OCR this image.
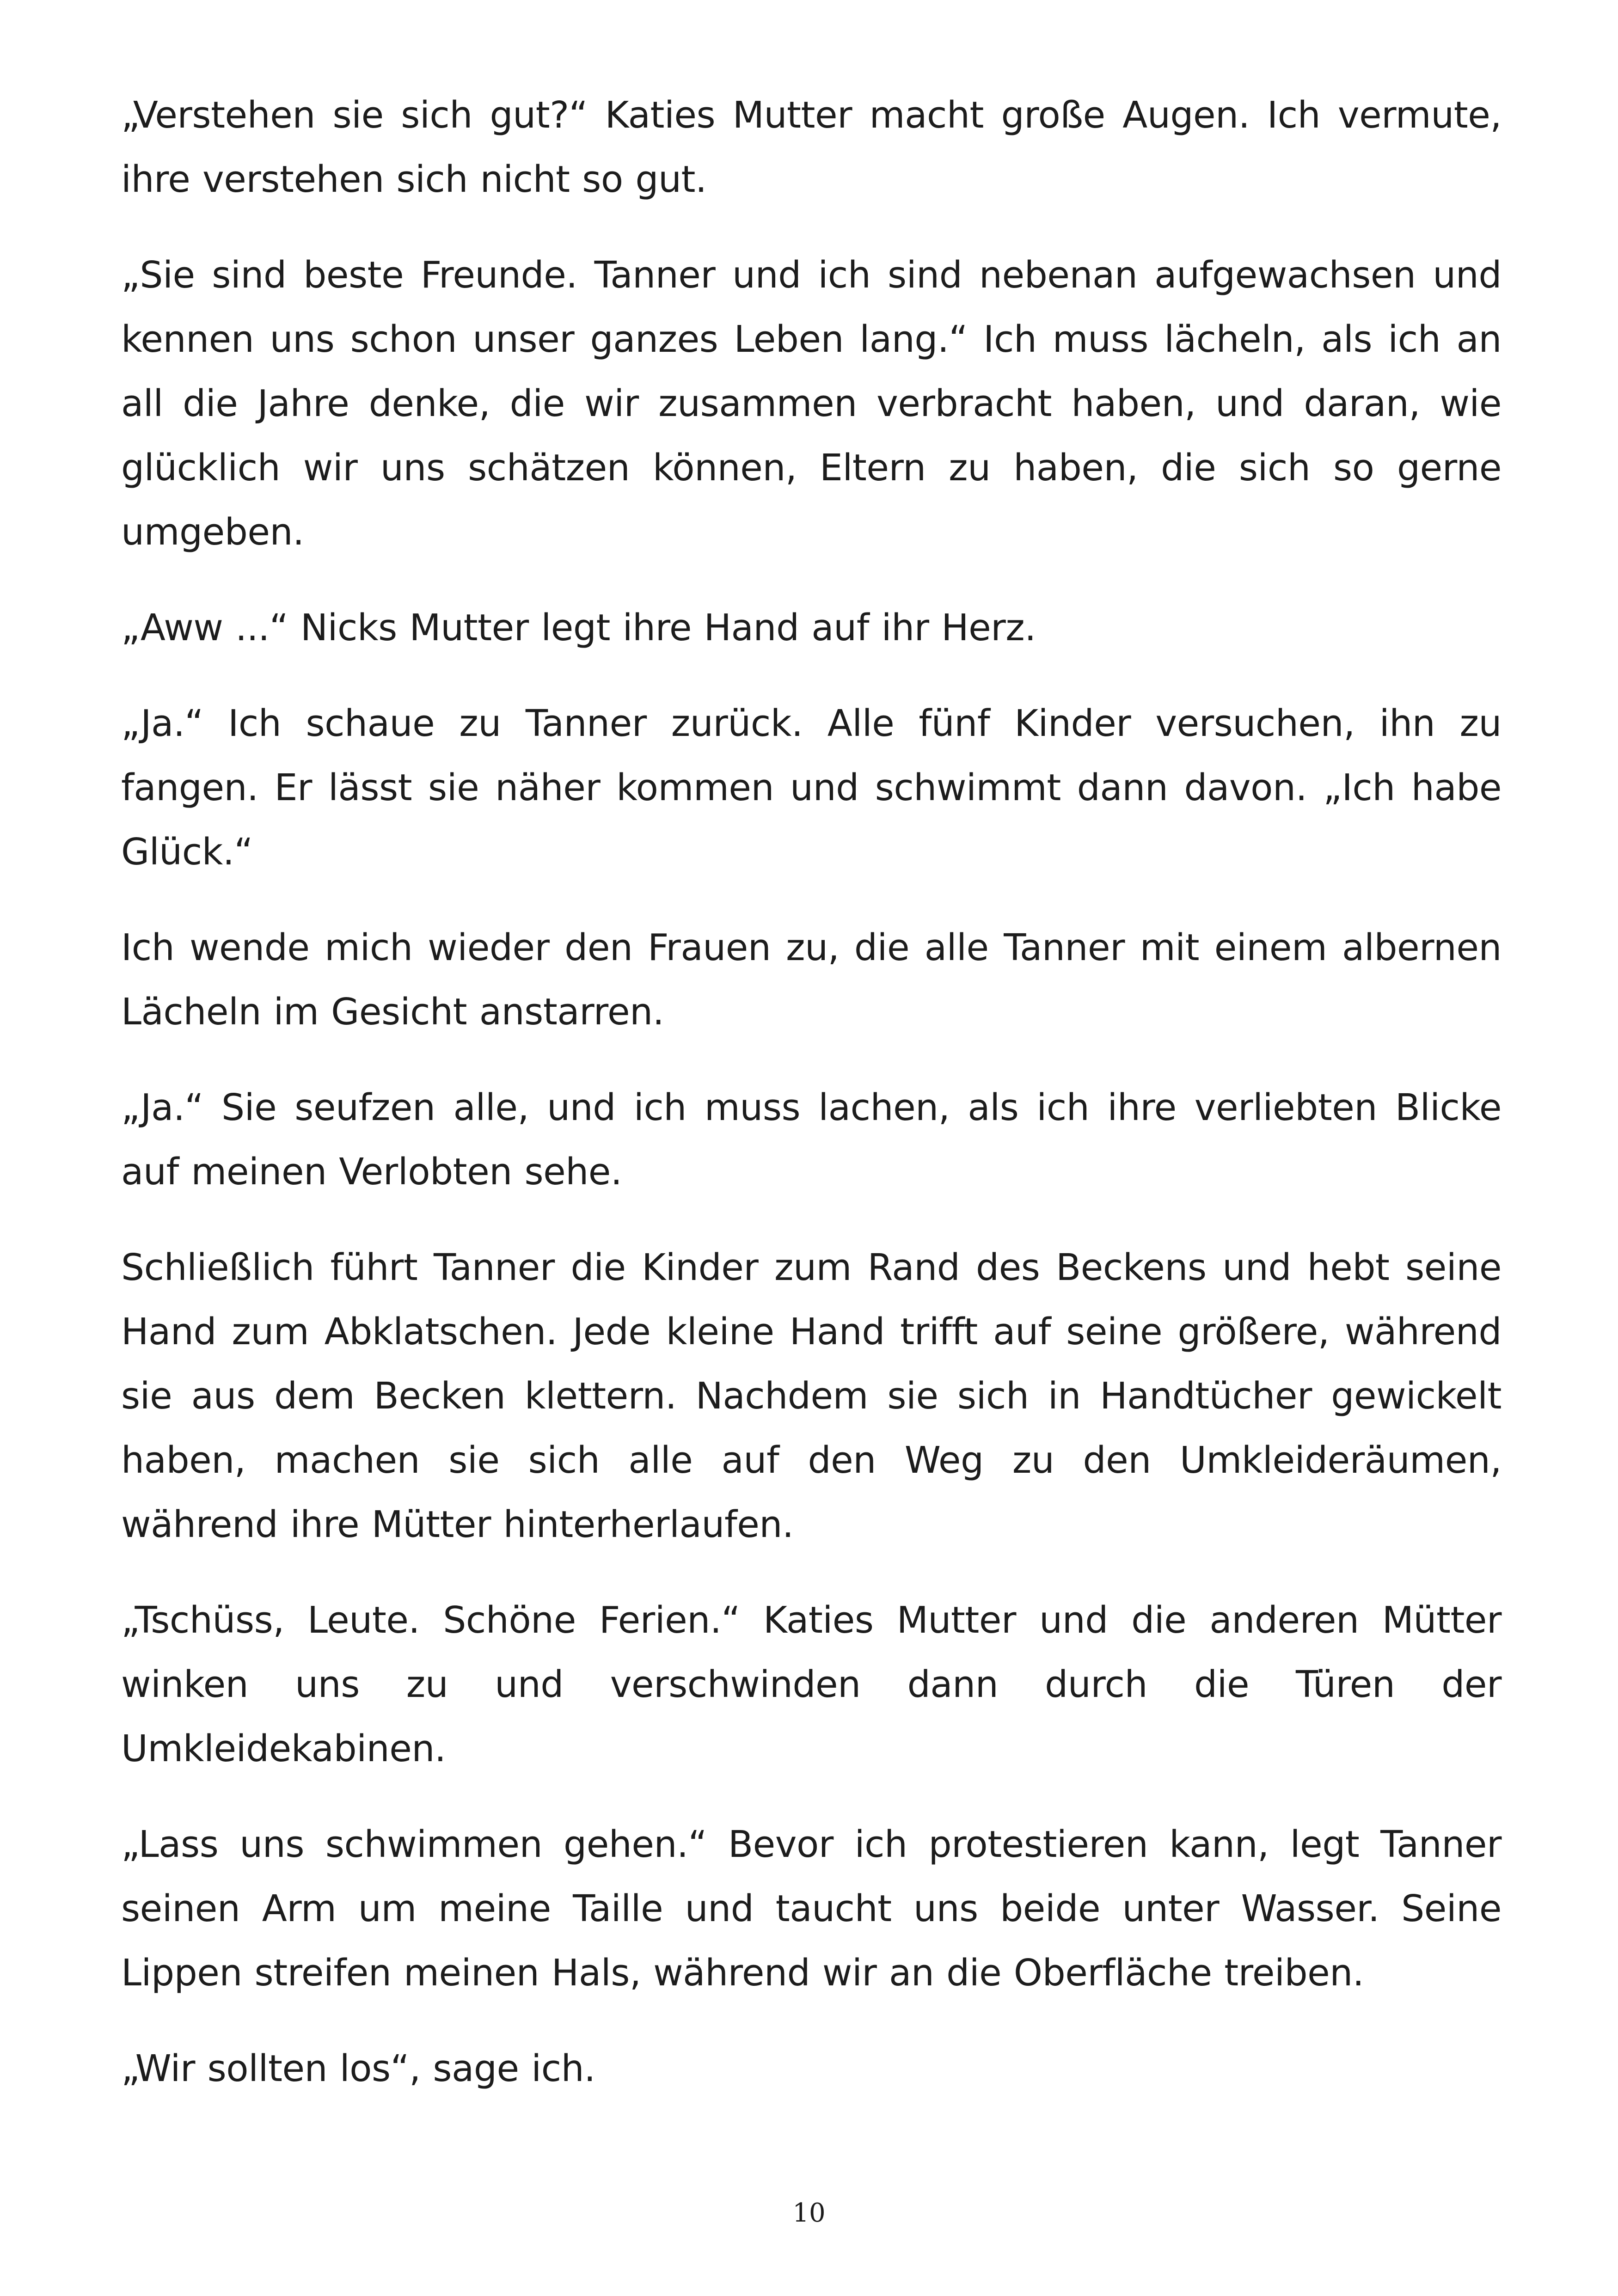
„Verstehen sie sich gut?“ Katies Mutter macht große Augen. Ich vermute, ihre verstehen sich nicht so gut.

„Sie sind beste Freunde. Tanner und ich sind nebenan aufgewachsen und kennen uns schon unser ganzes Leben lang.“ Ich muss lächeln, als ich an all die Jahre denke, die wir zusammen verbracht haben, und daran, wie glücklich wir uns schätzen können, Eltern zu haben, die sich so gerne umgeben.

„Aww ...“ Nicks Mutter legt ihre Hand auf ihr Herz.

„Ja.“ Ich schaue zu Tanner zurück. Alle fünf Kinder versuchen, ihn zu fangen. Er lässt sie näher kommen und schwimmt dann davon. „Ich habe Glück.“

Ich wende mich wieder den Frauen zu, die alle Tanner mit einem albernen Lächeln im Gesicht anstarren.

„Ja.“ Sie seufzen alle, und ich muss lachen, als ich ihre verliebten Blicke auf meinen Verlobten sehe.

Schließlich führt Tanner die Kinder zum Rand des Beckens und hebt seine Hand zum Abklatschen. Jede kleine Hand trifft auf seine größere, während sie aus dem Becken klettern. Nachdem sie sich in Handtücher gewickelt haben, machen sie sich alle auf den Weg zu den Umkleideräumen, während ihre Mütter hinterherlaufen.

„Tschüss, Leute. Schöne Ferien.“ Katies Mutter und die anderen Mütter winken uns zu und verschwinden dann durch die Türen der Umkleidekabinen.

„Lass uns schwimmen gehen.“ Bevor ich protestieren kann, legt Tanner seinen Arm um meine Taille und taucht uns beide unter Wasser. Seine Lippen streifen meinen Hals, während wir an die Oberfläche treiben.

„Wir sollten los“, sage ich.

10
